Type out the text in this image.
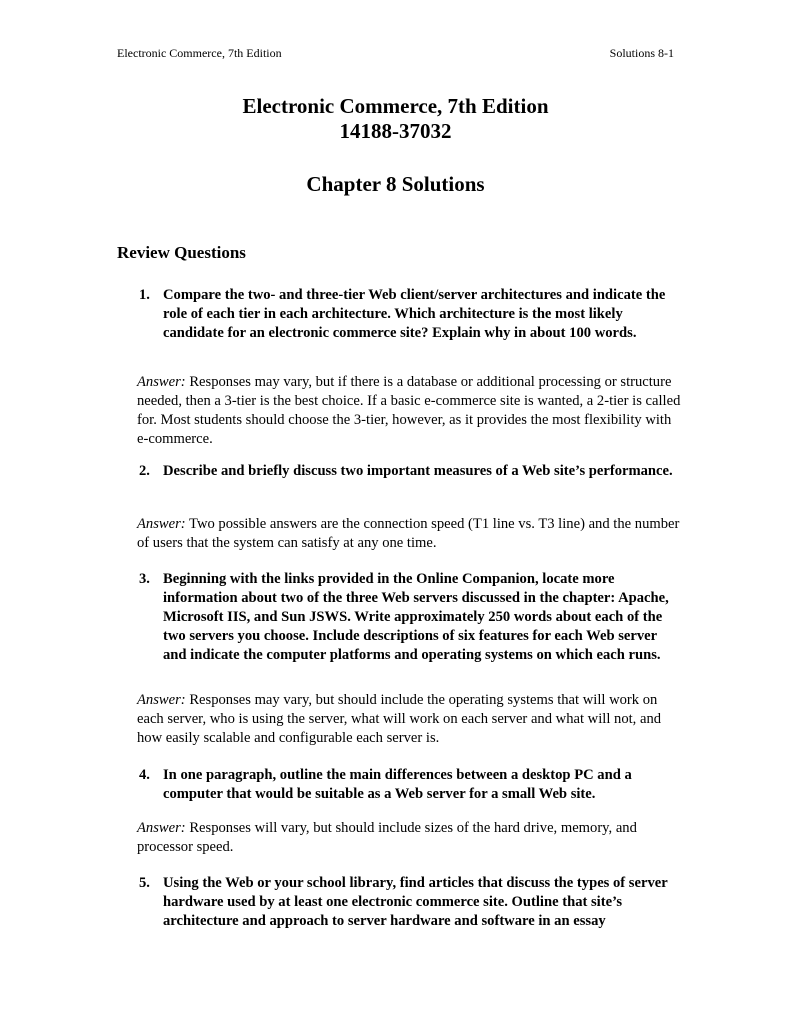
Electronic Commerce, 7th Edition	Solutions 8-1
Electronic Commerce, 7th Edition
14188-37032
Chapter 8 Solutions
Review Questions
1. Compare the two- and three-tier Web client/server architectures and indicate the role of each tier in each architecture. Which architecture is the most likely candidate for an electronic commerce site? Explain why in about 100 words.
Answer: Responses may vary, but if there is a database or additional processing or structure needed, then a 3-tier is the best choice. If a basic e-commerce site is wanted, a 2-tier is called for. Most students should choose the 3-tier, however, as it provides the most flexibility with e-commerce.
2. Describe and briefly discuss two important measures of a Web site’s performance.
Answer: Two possible answers are the connection speed (T1 line vs. T3 line) and the number of users that the system can satisfy at any one time.
3. Beginning with the links provided in the Online Companion, locate more information about two of the three Web servers discussed in the chapter: Apache, Microsoft IIS, and Sun JSWS. Write approximately 250 words about each of the two servers you choose. Include descriptions of six features for each Web server and indicate the computer platforms and operating systems on which each runs.
Answer: Responses may vary, but should include the operating systems that will work on each server, who is using the server, what will work on each server and what will not, and how easily scalable and configurable each server is.
4. In one paragraph, outline the main differences between a desktop PC and a computer that would be suitable as a Web server for a small Web site.
Answer: Responses will vary, but should include sizes of the hard drive, memory, and processor speed.
5. Using the Web or your school library, find articles that discuss the types of server hardware used by at least one electronic commerce site. Outline that site’s architecture and approach to server hardware and software in an essay
